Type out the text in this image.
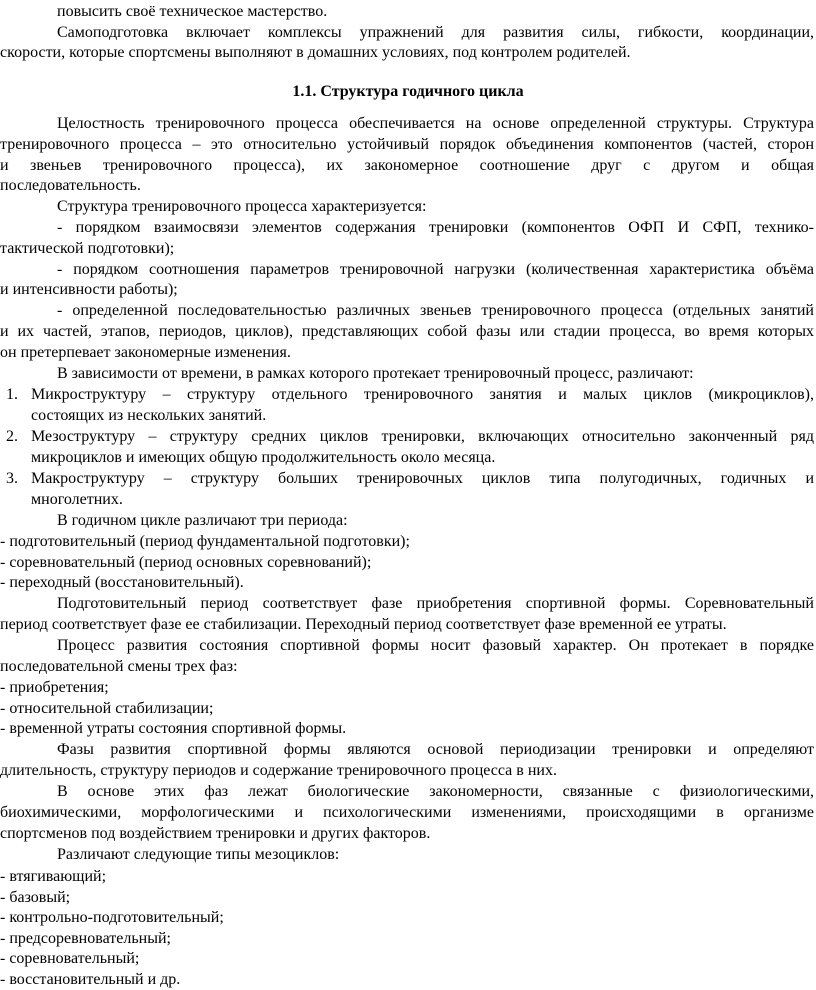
повысить своё техническое мастерство.
Самоподготовка включает комплексы упражнений для развития силы, гибкости, координации,
скорости, которые спортсмены выполняют в домашних условиях, под контролем родителей.
1.1. Структура годичного цикла
Целостность тренировочного процесса обеспечивается на основе определенной структуры. Структура
тренировочного процесса – это относительно устойчивый порядок объединения компонентов (частей, сторон
и звеньев тренировочного процесса), их закономерное соотношение друг с другом и общая
последовательность.
Структура тренировочного процесса характеризуется:
- порядком взаимосвязи элементов содержания тренировки (компонентов ОФП И СФП, технико-
тактической подготовки);
- порядком соотношения параметров тренировочной нагрузки (количественная характеристика объёма
и интенсивности работы);
- определенной последовательностью различных звеньев тренировочного процесса (отдельных занятий
и их частей, этапов, периодов, циклов), представляющих собой фазы или стадии процесса, во время которых
он претерпевает закономерные изменения.
В зависимости от времени, в рамках которого протекает тренировочный процесс, различают:
1. Микроструктуру – структуру отдельного тренировочного занятия и малых циклов (микроциклов),
состоящих из нескольких занятий.
2. Мезоструктуру – структуру средних циклов тренировки, включающих относительно законченный ряд
микроциклов и имеющих общую продолжительность около месяца.
3. Макроструктуру – структуру больших тренировочных циклов типа полугодичных, годичных и
многолетних.
В годичном цикле различают три периода:
- подготовительный (период фундаментальной подготовки);
- соревновательный (период основных соревнований);
- переходный (восстановительный).
Подготовительный период соответствует фазе приобретения спортивной формы. Соревновательный
период соответствует фазе ее стабилизации. Переходный период соответствует фазе временной ее утраты.
Процесс развития состояния спортивной формы носит фазовый характер. Он протекает в порядке
последовательной смены трех фаз:
- приобретения;
- относительной стабилизации;
- временной утраты состояния спортивной формы.
Фазы развития спортивной формы являются основой периодизации тренировки и определяют
длительность, структуру периодов и содержание тренировочного процесса в них.
В основе этих фаз лежат биологические закономерности, связанные с физиологическими,
биохимическими, морфологическими и психологическими изменениями, происходящими в организме
спортсменов под воздействием тренировки и других факторов.
Различают следующие типы мезоциклов:
- втягивающий;
- базовый;
- контрольно-подготовительный;
- предсоревновательный;
- соревновательный;
- восстановительный и др.
